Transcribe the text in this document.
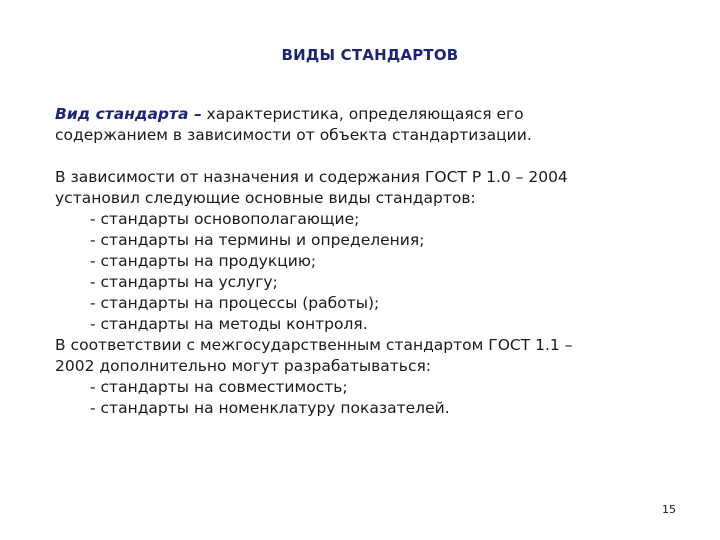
ВИДЫ СТАНДАРТОВ

Вид стандарта – характеристика, определяющаяся его

содержанием в зависимости от объекта стандартизации.

В зависимости от назначения и содержания ГОСТ Р 1.0 – 2004

установил следующие основные виды стандартов:

- стандарты основополагающие;

- стандарты на термины и определения;

- стандарты на продукцию;

- стандарты на услугу;

- стандарты на процессы (работы);

- стандарты на методы контроля.

В соответствии с межгосударственным стандартом ГОСТ 1.1 –

2002 дополнительно могут разрабатываться:

- стандарты на совместимость;

- стандарты на номенклатуру показателей.

15
